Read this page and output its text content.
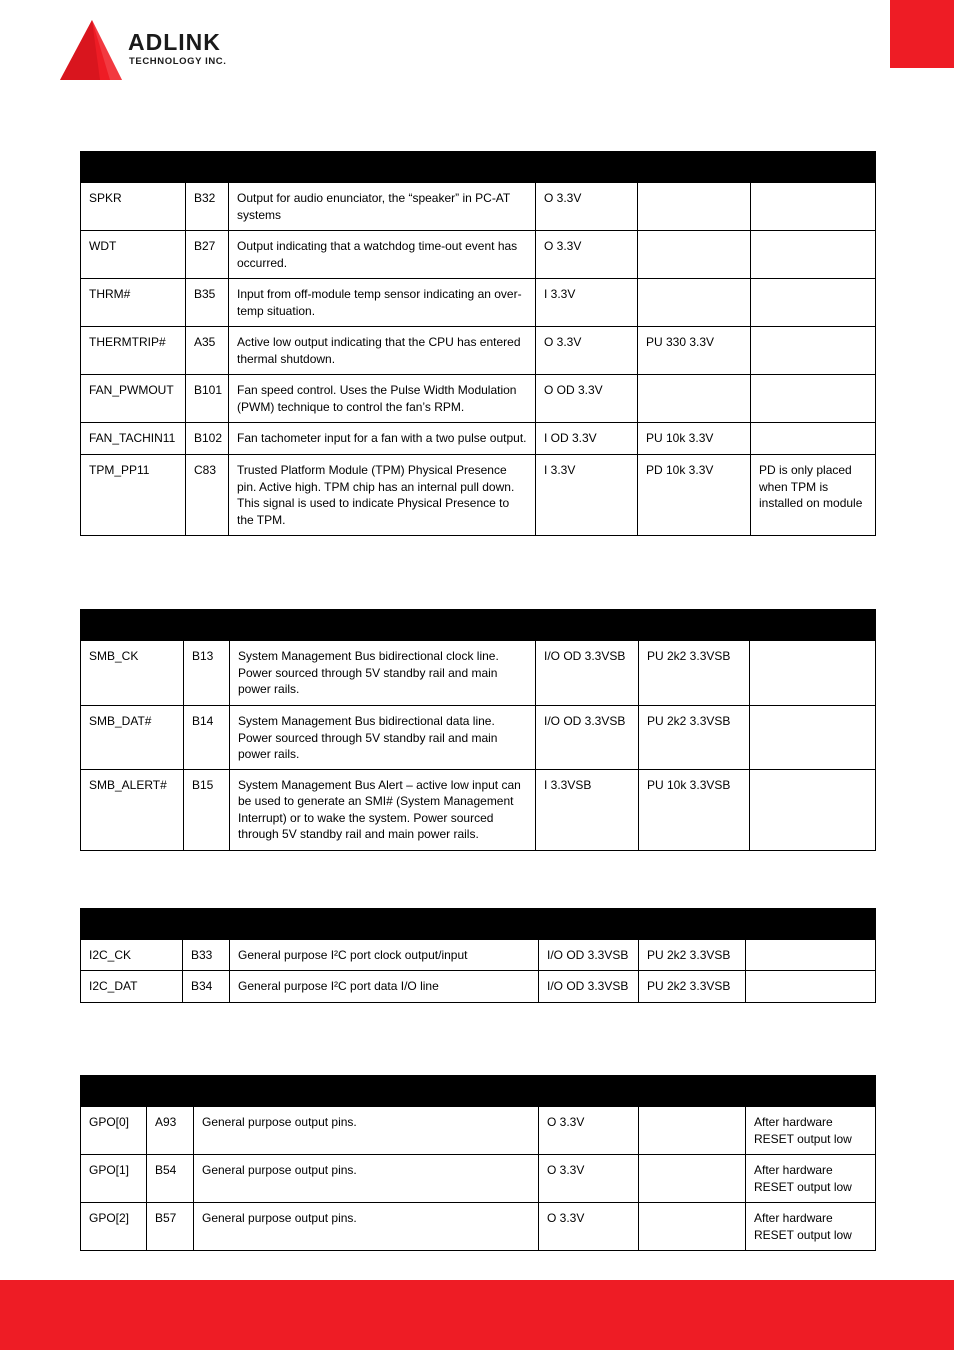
ADLINK
TECHNOLOGY INC.

SPKR	B32	Output for audio enunciator, the “speaker” in PC-AT systems	O 3.3V		
WDT	B27	Output indicating that a watchdog time-out event has occurred.	O 3.3V		
THRM#	B35	Input from off-module temp sensor indicating an over-temp situation.	I 3.3V		
THERMTRIP#	A35	Active low output indicating that the CPU has entered thermal shutdown.	O 3.3V	PU 330 3.3V	
FAN_PWMOUT	B101	Fan speed control. Uses the Pulse Width Modulation (PWM) technique to control the fan’s RPM.	O OD 3.3V		
FAN_TACHIN11	B102	Fan tachometer input for a fan with a two pulse output.	I OD 3.3V	PU 10k 3.3V	
TPM_PP11	C83	Trusted Platform Module (TPM) Physical Presence pin. Active high. TPM chip has an internal pull down. This signal is used to indicate Physical Presence to the TPM.	I 3.3V	PD 10k 3.3V	PD is only placed when TPM is installed on module

SMB_CK	B13	System Management Bus bidirectional clock line. Power sourced through 5V standby rail and main power rails.	I/O OD 3.3VSB	PU 2k2 3.3VSB	
SMB_DAT#	B14	System Management Bus bidirectional data line. Power sourced through 5V standby rail and main power rails.	I/O OD 3.3VSB	PU 2k2 3.3VSB	
SMB_ALERT#	B15	System Management Bus Alert – active low input can be used to generate an SMI# (System Management Interrupt) or to wake the system. Power sourced through 5V standby rail and main power rails.	I 3.3VSB	PU 10k 3.3VSB	

I2C_CK	B33	General purpose I²C port clock output/input	I/O OD 3.3VSB	PU 2k2 3.3VSB	
I2C_DAT	B34	General purpose I²C port data I/O line	I/O OD 3.3VSB	PU 2k2 3.3VSB	

GPO[0]	A93	General purpose output pins.	O 3.3V		After hardware RESET output low
GPO[1]	B54	General purpose output pins.	O 3.3V		After hardware RESET output low
GPO[2]	B57	General purpose output pins.	O 3.3V		After hardware RESET output low
